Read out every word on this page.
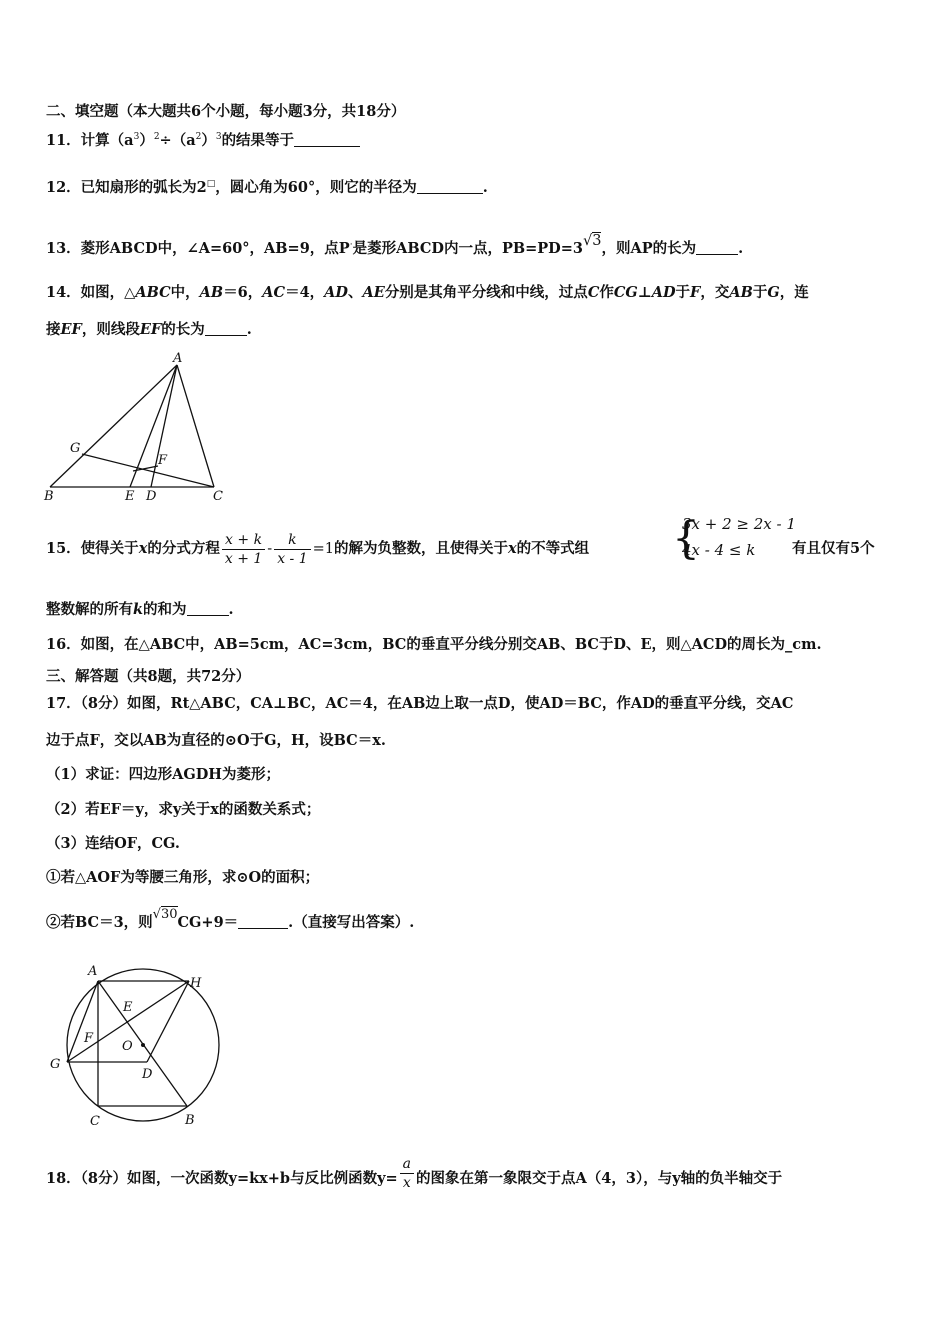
二、填空题（本大题共6个小题，每小题3分，共18分）
11．计算$(a^3)^2\div(a^2)^3$的结果等于
12．已知扇形的弧长为2□，圆心角为60°，则它的半径为	.
13．菱形ABCD中，∠A=60°，AB=9，点P·是菱形ABCD内一点，PB=PD=3√3，则AP的长为	.
14．如图，△ABC中，AB＝6，AC＝4，AD、AE分别是其角平分线和中线，过点C作CG⊥AD于F，交AB于G，连
接EF，则线段EF的长为	.
A
B	C
D
E
F
G
15．使得关于x的分式方程 $\frac{x + k}{x + 1} - \frac{k}{x - 1} =1$的解为负整数，且使得关于x的不等式组 {
3x + 2 ≥ 2x - 1
4x - 4 ≤ k	有且仅有5个
整数解的所有k的和为	.
16．如图，在△ABC中，AB=5cm，AC=3cm，BC的垂直平分线分别交AB、BC于D、E，则△ACD的周长为_cm.
三、解答题（共8题，共72分）
17．（8分）如图，Rt△ABC，CA⊥BC，AC＝4，在AB边上取一点D，使AD＝BC，作AD的垂直平分线，交AC
边于点F，交以AB为直径的⊙O于G，H，设BC＝x.
（1）求证：四边形AGDH为菱形；
（2）若EF＝y，求y关于x的函数关系式；
（3）连结OF，CG.
①若△AOF为等腰三角形，求⊙O的面积；
②若BC＝3，则√30CG+9＝	.（直接写出答案）.
A
H
E
F
O
G
D
C	B
18．（8分）如图，一次函数y=kx+b与反比例函数$y= \frac{a}{x}$ 的图象在第一象限交于点A（4，3），与y轴的负半轴交于
